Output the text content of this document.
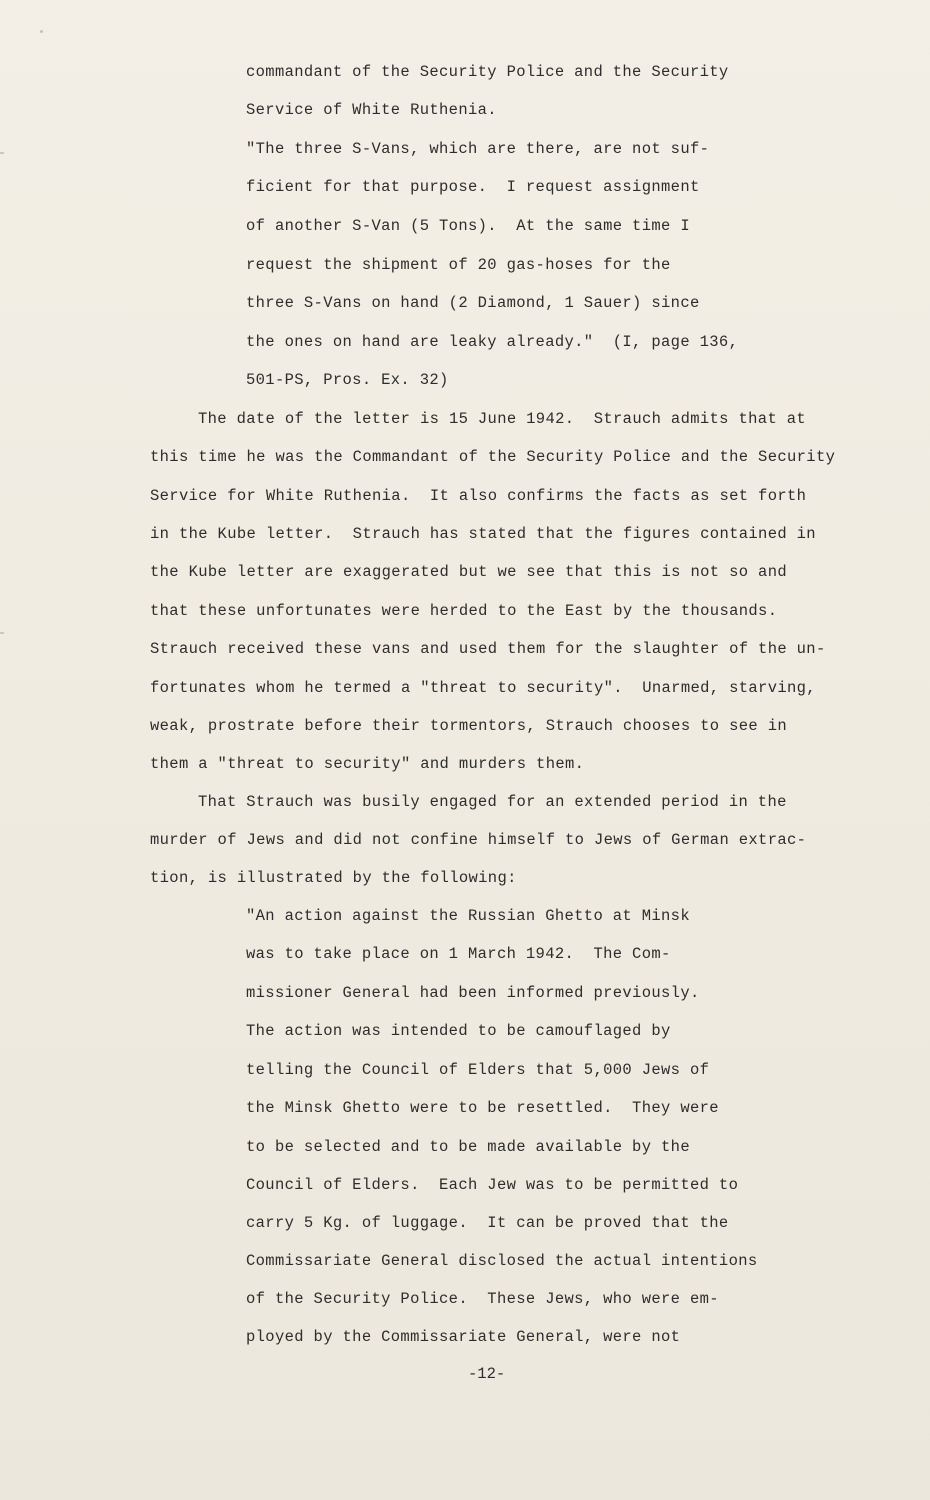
commandant of the Security Police and the Security
Service of White Ruthenia.
"The three S-Vans, which are there, are not suf-
ficient for that purpose.  I request assignment
of another S-Van (5 Tons).  At the same time I
request the shipment of 20 gas-hoses for the
three S-Vans on hand (2 Diamond, 1 Sauer) since
the ones on hand are leaky already."  (I, page 136,
501-PS, Pros. Ex. 32)
The date of the letter is 15 June 1942.  Strauch admits that at
this time he was the Commandant of the Security Police and the Security
Service for White Ruthenia.  It also confirms the facts as set forth
in the Kube letter.  Strauch has stated that the figures contained in
the Kube letter are exaggerated but we see that this is not so and
that these unfortunates were herded to the East by the thousands.
Strauch received these vans and used them for the slaughter of the un-
fortunates whom he termed a "threat to security".  Unarmed, starving,
weak, prostrate before their tormentors, Strauch chooses to see in
them a "threat to security" and murders them.
That Strauch was busily engaged for an extended period in the
murder of Jews and did not confine himself to Jews of German extrac-
tion, is illustrated by the following:
"An action against the Russian Ghetto at Minsk
was to take place on 1 March 1942.  The Com-
missioner General had been informed previously.
The action was intended to be camouflaged by
telling the Council of Elders that 5,000 Jews of
the Minsk Ghetto were to be resettled.  They were
to be selected and to be made available by the
Council of Elders.  Each Jew was to be permitted to
carry 5 Kg. of luggage.  It can be proved that the
Commissariate General disclosed the actual intentions
of the Security Police.  These Jews, who were em-
ployed by the Commissariate General, were not
-12-
